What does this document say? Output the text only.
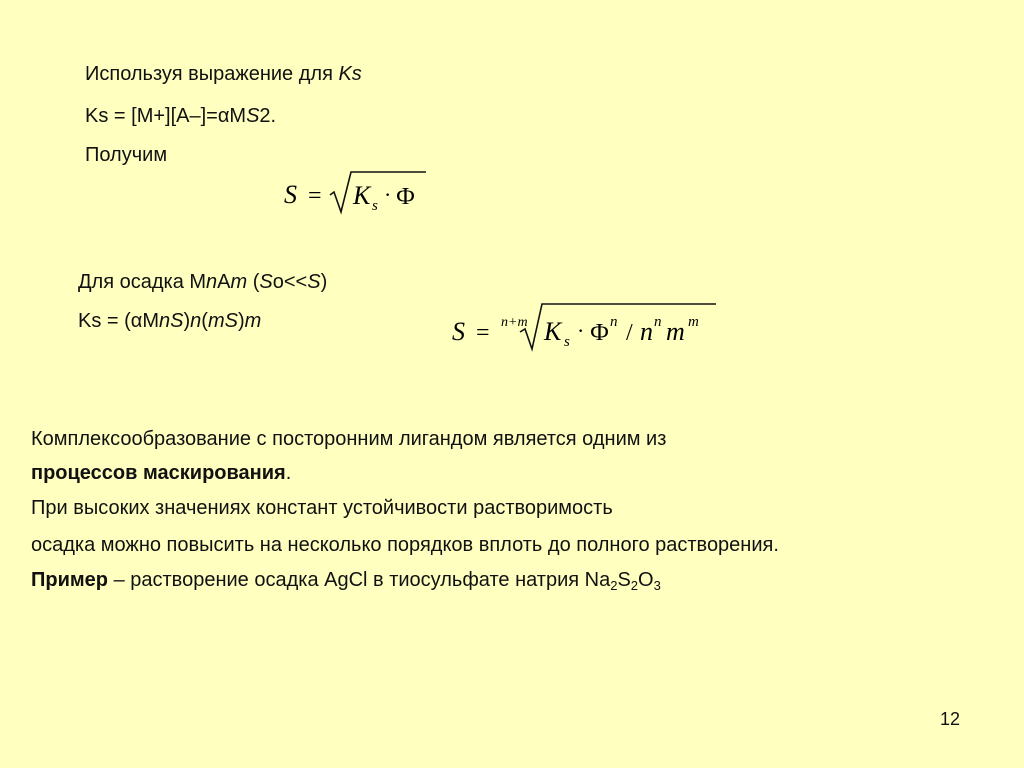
Используя выражение для Ks
Ks = [M+][A–]=αMS2.
Получим
S = K s · Ф
Для осадка MnAm (So<<S)
Ks = (αMnS)n(mS)m	S = n+m K s · Ф n / n n m m
Комплексообразование с посторонним лигандом является одним из
процессов маскирования.
При высоких значениях констант устойчивости растворимость
осадка можно повысить на несколько порядков вплоть до полного растворения.
Пример – растворение осадка AgCl в тиосульфате натрия $Na_2S_2O_3$
12
